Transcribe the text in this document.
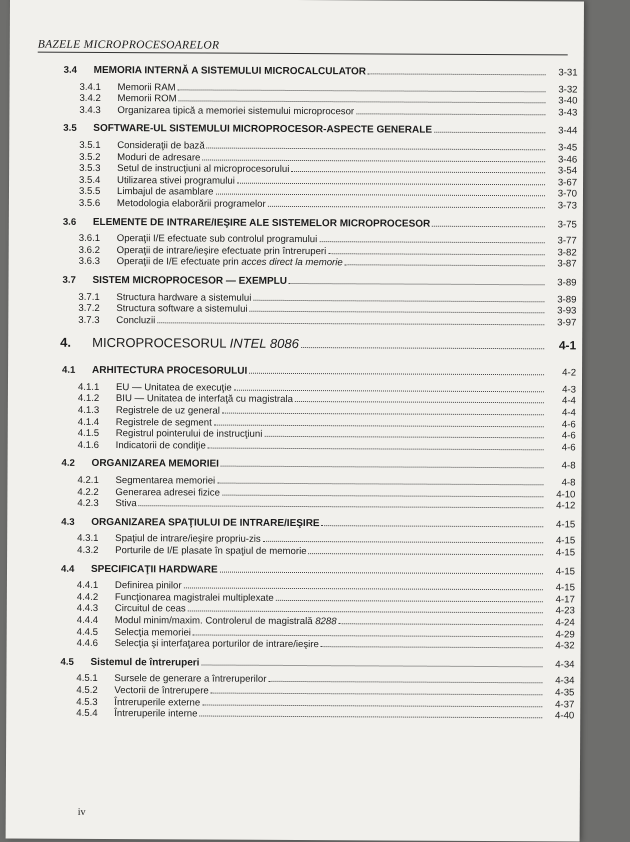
BAZELE MICROPROCESOARELOR
3.4	MEMORIA INTERNĂ A SISTEMULUI MICROCALCULATOR	3-31
3.4.1	Memorii RAM	3-32
3.4.2	Memorii ROM	3-40
3.4.3	Organizarea tipică a memoriei sistemului microprocesor	3-43
3.5	SOFTWARE-UL SISTEMULUI MICROPROCESOR-ASPECTE GENERALE	3-44
3.5.1	Consideraţii de bază	3-45
3.5.2	Moduri de adresare	3-46
3.5.3	Setul de instrucţiuni al microprocesorului	3-54
3.5.4	Utilizarea stivei programului	3-67
3.5.5	Limbajul de asamblare	3-70
3.5.6	Metodologia elaborării programelor	3-73
3.6	ELEMENTE DE INTRARE/IEŞIRE ALE SISTEMELOR MICROPROCESOR	3-75
3.6.1	Operaţii I/E efectuate sub controlul programului	3-77
3.6.2	Operaţii de intrare/ieşire efectuate prin întreruperi	3-82
3.6.3	Operaţii de I/E efectuate prin acces direct la memorie	3-87
3.7	SISTEM MICROPROCESOR — EXEMPLU	3-89
3.7.1	Structura hardware a sistemului	3-89
3.7.2	Structura software a sistemului	3-93
3.7.3	Concluzii	3-97
4.	MICROPROCESORUL INTEL 8086	4-1
4.1	ARHITECTURA PROCESORULUI	4-2
4.1.1	EU — Unitatea de execuţie	4-3
4.1.2	BIU — Unitatea de interfaţă cu magistrala	4-4
4.1.3	Registrele de uz general	4-4
4.1.4	Registrele de segment	4-6
4.1.5	Registrul pointerului de instrucţiuni	4-6
4.1.6	Indicatorii de condiţie	4-6
4.2	ORGANIZAREA MEMORIEI	4-8
4.2.1	Segmentarea memoriei	4-8
4.2.2	Generarea adresei fizice	4-10
4.2.3	Stiva	4-12
4.3	ORGANIZAREA SPAŢIULUI DE INTRARE/IEŞIRE	4-15
4.3.1	Spaţiul de intrare/ieşire propriu-zis	4-15
4.3.2	Porturile de I/E plasate în spaţiul de memorie	4-15
4.4	SPECIFICAŢII HARDWARE	4-15
4.4.1	Definirea pinilor	4-15
4.4.2	Funcţionarea magistralei multiplexate	4-17
4.4.3	Circuitul de ceas	4-23
4.4.4	Modul minim/maxim. Controlerul de magistrală 8288	4-24
4.4.5	Selecţia memoriei	4-29
4.4.6	Selecţia şi interfaţarea porturilor de intrare/ieşire	4-32
4.5	Sistemul de întreruperi	4-34
4.5.1	Sursele de generare a întreruperilor	4-34
4.5.2	Vectorii de întrerupere	4-35
4.5.3	Întreruperile externe	4-37
4.5.4	Întreruperile interne	4-40
iv
